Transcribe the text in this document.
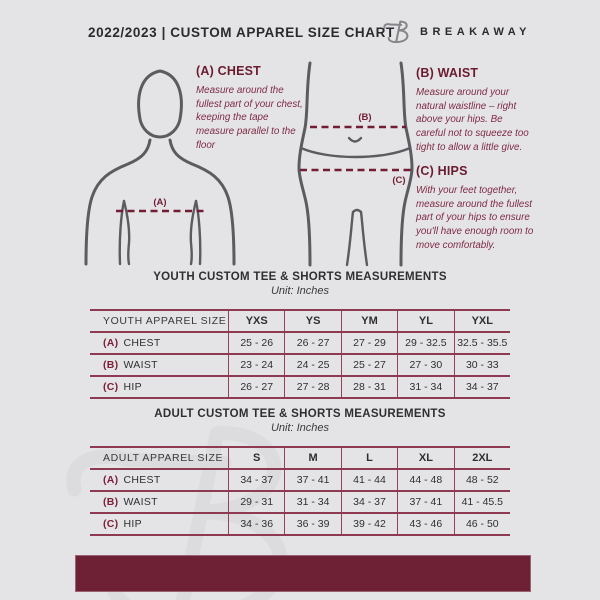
2022/2023 | CUSTOM APPAREL SIZE CHART BREAKAWAY
(A)
(B)
(C)
(A) CHEST

Measure around the fullest part of your chest, keeping the tape measure parallel to the floor

(B) WAIST

Measure around your natural waistline – right above your hips. Be careful not to squeeze too tight to allow a little give.

(C) HIPS

With your feet together, measure around the fullest part of your hips to ensure you'll have enough room to move comfortably.

YOUTH CUSTOM TEE & SHORTS MEASUREMENTS
Unit: Inches
YOUTH APPAREL SIZE	YXS	YS	YM	YL	YXL
(A) CHEST	25 - 26	26 - 27	27 - 29	29 - 32.5	32.5 - 35.5
(B) WAIST	23 - 24	24 - 25	25 - 27	27 - 30	30 - 33
(C) HIP	26 - 27	27 - 28	28 - 31	31 - 34	34 - 37
ADULT CUSTOM TEE & SHORTS MEASUREMENTS
Unit: Inches
ADULT APPAREL SIZE	S	M	L	XL	2XL
(A) CHEST	34 - 37	37 - 41	41 - 44	44 - 48	48 - 52
(B) WAIST	29 - 31	31 - 34	34 - 37	37 - 41	41 - 45.5
(C) HIP	34 - 36	36 - 39	39 - 42	43 - 46	46 - 50
